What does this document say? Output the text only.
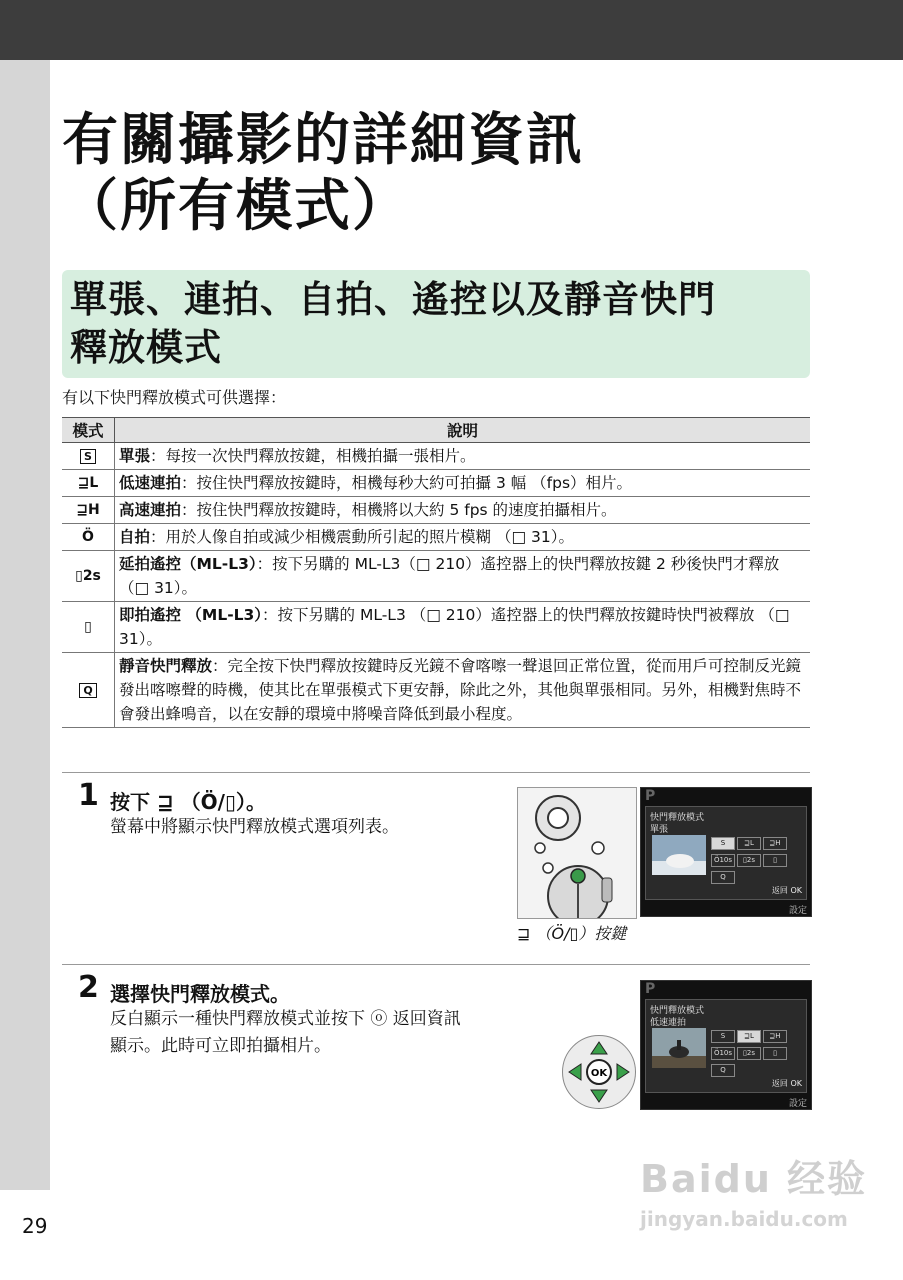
有關攝影的詳細資訊
（所有模式）
單張、連拍、自拍、遙控以及靜音快門
釋放模式
有以下快門釋放模式可供選擇：
模式	說明
S	單張：每按一次快門釋放按鍵，相機拍攝一張相片。
⊒L	低速連拍：按住快門釋放按鍵時，相機每秒大約可拍攝 3 幅 （fps）相片。
⊒H	高速連拍：按住快門釋放按鍵時，相機將以大約 5 fps 的速度拍攝相片。
Ö	自拍：用於人像自拍或減少相機震動所引起的照片模糊 （□ 31）。
▯2s	延拍遙控（ML-L3）：按下另購的 ML-L3（□ 210）遙控器上的快門釋放按鍵 2 秒後快門才釋放 （□ 31）。
▯	即拍遙控 （ML-L3）：按下另購的 ML-L3 （□ 210）遙控器上的快門釋放按鍵時快門被釋放 （□ 31）。
Q	靜音快門釋放：完全按下快門釋放按鍵時反光鏡不會喀嚓一聲退回正常位置，從而用戶可控制反光鏡發出喀嚓聲的時機，使其比在單張模式下更安靜，除此之外，其他與單張相同。另外，相機對焦時不會發出蜂鳴音，以在安靜的環境中將噪音降低到最小程度。
1 按下 ⊒ （Ö/▯）。
螢幕中將顯示快門釋放模式選項列表。
⊒ （Ö/▯）按鍵
P
快門釋放模式
單張
S	⊒L ⊒HÖ10s ▯2s	▯Q
返回 OK
設定
2 選擇快門釋放模式。
反白顯示一種快門釋放模式並按下 ⓞ 返回資訊
顯示。此時可立即拍攝相片。
OK
P
快門釋放模式
低速連拍
S	⊒L ⊒HÖ10s ▯2s	▯Q
返回 OK
設定
Baidu 经验
jingyan.baidu.com
29
